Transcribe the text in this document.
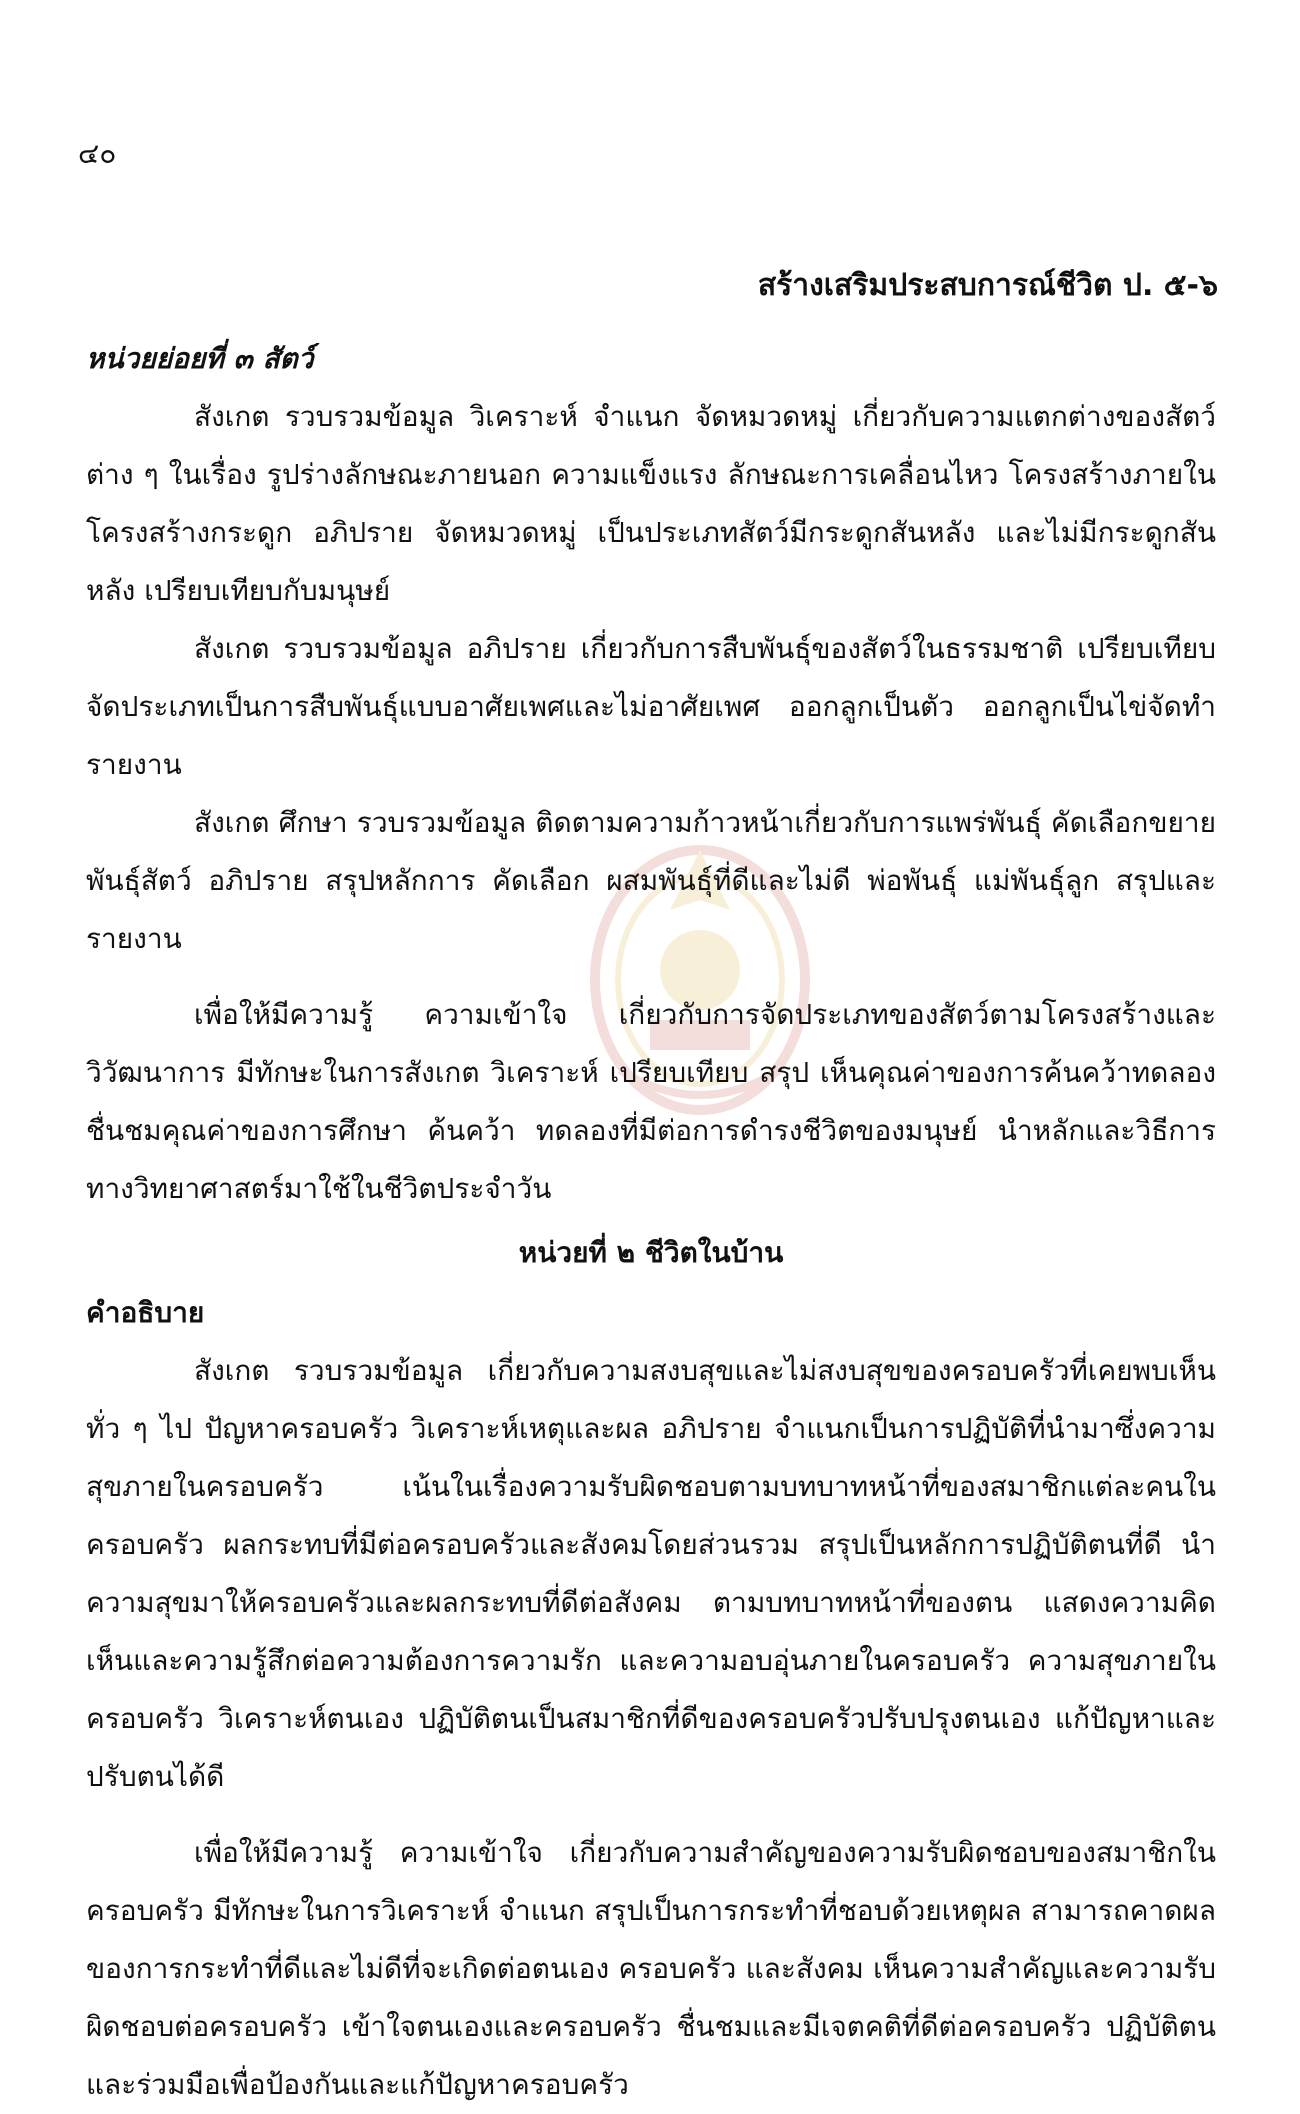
๔๐
สร้างเสริมประสบการณ์ชีวิต ป. ๕-๖

หน่วยย่อยที่ ๓ สัตว์

สังเกต รวบรวมข้อมูล วิเคราะห์ จำแนก จัดหมวดหมู่ เกี่ยวกับความแตกต่างของสัตว์ต่าง ๆ ในเรื่อง รูปร่างลักษณะภายนอก ความแข็งแรง ลักษณะการเคลื่อนไหว โครงสร้างภายใน โครงสร้างกระดูก อภิปราย จัดหมวดหมู่ เป็นประเภทสัตว์มีกระดูกสันหลัง และไม่มีกระดูกสันหลัง เปรียบเทียบกับมนุษย์

สังเกต รวบรวมข้อมูล อภิปราย เกี่ยวกับการสืบพันธุ์ของสัตว์ในธรรมชาติ เปรียบเทียบจัดประเภทเป็นการสืบพันธุ์แบบอาศัยเพศและไม่อาศัยเพศ ออกลูกเป็นตัว ออกลูกเป็นไข่จัดทำรายงาน

สังเกต ศึกษา รวบรวมข้อมูล ติดตามความก้าวหน้าเกี่ยวกับการแพร่พันธุ์ คัดเลือกขยายพันธุ์สัตว์ อภิปราย สรุปหลักการ คัดเลือก ผสมพันธุ์ที่ดีและไม่ดี พ่อพันธุ์ แม่พันธุ์ลูก สรุปและรายงาน

เพื่อให้มีความรู้ ความเข้าใจ เกี่ยวกับการจัดประเภทของสัตว์ตามโครงสร้างและวิวัฒนาการ มีทักษะในการสังเกต วิเคราะห์ เปรียบเทียบ สรุป เห็นคุณค่าของการค้นคว้าทดลอง ชื่นชมคุณค่าของการศึกษา ค้นคว้า ทดลองที่มีต่อการดำรงชีวิตของมนุษย์ นำหลักและวิธีการทางวิทยาศาสตร์มาใช้ในชีวิตประจำวัน

หน่วยที่ ๒ ชีวิตในบ้าน

คำอธิบาย

สังเกต รวบรวมข้อมูล เกี่ยวกับความสงบสุขและไม่สงบสุขของครอบครัวที่เคยพบเห็นทั่ว ๆ ไป ปัญหาครอบครัว วิเคราะห์เหตุและผล อภิปราย จำแนกเป็นการปฏิบัติที่นำมาซึ่งความสุขภายในครอบครัว เน้นในเรื่องความรับผิดชอบตามบทบาทหน้าที่ของสมาชิกแต่ละคนในครอบครัว ผลกระทบที่มีต่อครอบครัวและสังคมโดยส่วนรวม สรุปเป็นหลักการปฏิบัติตนที่ดี นำความสุขมาให้ครอบครัวและผลกระทบที่ดีต่อสังคม ตามบทบาทหน้าที่ของตน แสดงความคิดเห็นและความรู้สึกต่อความต้องการความรัก และความอบอุ่นภายในครอบครัว ความสุขภายในครอบครัว วิเคราะห์ตนเอง ปฏิบัติตนเป็นสมาชิกที่ดีของครอบครัวปรับปรุงตนเอง แก้ปัญหาและปรับตนได้ดี

เพื่อให้มีความรู้ ความเข้าใจ เกี่ยวกับความสำคัญของความรับผิดชอบของสมาชิกในครอบครัว มีทักษะในการวิเคราะห์ จำแนก สรุปเป็นการกระทำที่ชอบด้วยเหตุผล สามารถคาดผลของการกระทำที่ดีและไม่ดีที่จะเกิดต่อตนเอง ครอบครัว และสังคม เห็นความสำคัญและความรับผิดชอบต่อครอบครัว เข้าใจตนเองและครอบครัว ชื่นชมและมีเจตคติที่ดีต่อครอบครัว ปฏิบัติตนและร่วมมือเพื่อป้องกันและแก้ปัญหาครอบครัว
